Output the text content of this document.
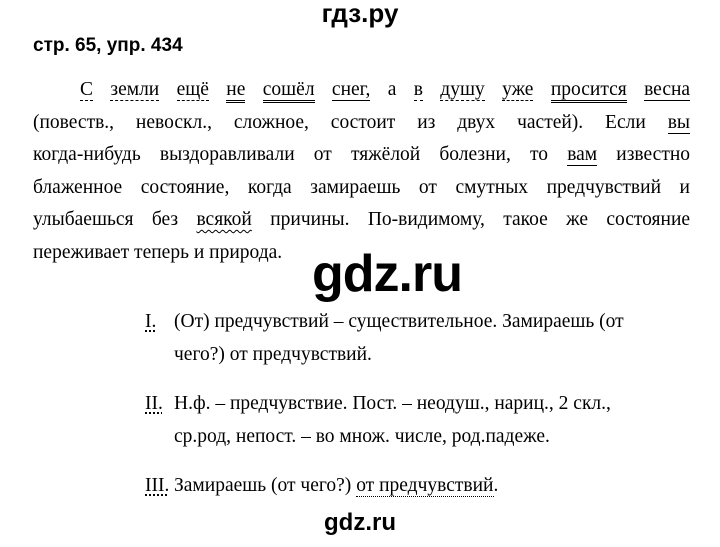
гдз.ру
стр. 65, упр. 434
С земли ещё не сошёл снег, а в душу уже просится весна
(повеств., невоскл., сложное, состоит из двух частей). Если вы
когда-нибудь выздоравливали от тяжёлой болезни, то вам известно
блаженное состояние, когда замираешь от смутных предчувствий и
улыбаешься без всякой причины. По-видимому, такое же состояние
переживает теперь и природа. gdz.ru
I. (От) предчувствий – существительное. Замираешь (от
чего?) от предчувствий.
II. Н.ф. – предчувствие. Пост. – неодуш., нариц., 2 скл.,
ср.род, непост. – во множ. числе, род.падеже.
III. Замираешь (от чего?) от предчувствий.
gdz.ru
